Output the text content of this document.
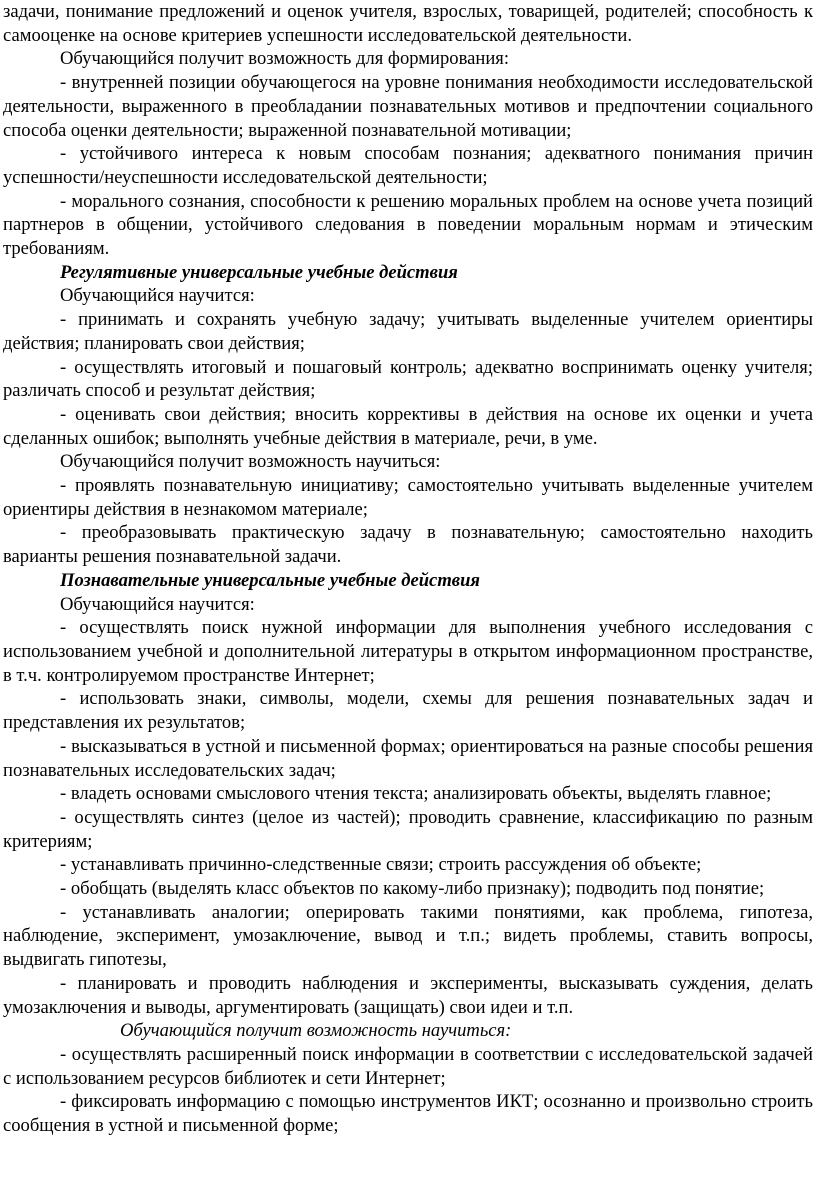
задачи, понимание предложений и оценок учителя, взрослых, товарищей, родителей; способность к самооценке на основе критериев успешности исследовательской деятельности.

Обучающийся получит возможность для формирования:

- внутренней позиции обучающегося на уровне понимания необходимости исследовательской деятельности, выраженного в преобладании познавательных мотивов и предпочтении социального способа оценки деятельности; выраженной познавательной мотивации;

- устойчивого интереса к новым способам познания; адекватного понимания причин успешности/неуспешности исследовательской деятельности;

- морального сознания, способности к решению моральных проблем на основе учета позиций партнеров в общении, устойчивого следования в поведении моральным нормам и этическим требованиям.

Регулятивные универсальные учебные действия

Обучающийся научится:

- принимать и сохранять учебную задачу; учитывать выделенные учителем ориентиры действия; планировать свои действия;

- осуществлять итоговый и пошаговый контроль; адекватно воспринимать оценку учителя; различать способ и результат действия;

- оценивать свои действия; вносить коррективы в действия на основе их оценки и учета сделанных ошибок; выполнять учебные действия в материале, речи, в уме.

Обучающийся получит возможность научиться:

- проявлять познавательную инициативу; самостоятельно учитывать выделенные учителем ориентиры действия в незнакомом материале;

- преобразовывать практическую задачу в познавательную; самостоятельно находить варианты решения познавательной задачи.

Познавательные универсальные учебные действия

Обучающийся научится:

- осуществлять поиск нужной информации для выполнения учебного исследования с использованием учебной и дополнительной литературы в открытом информационном пространстве, в т.ч. контролируемом пространстве Интернет;

- использовать знаки, символы, модели, схемы для решения познавательных задач и представления их результатов;

- высказываться в устной и письменной формах; ориентироваться на разные способы решения познавательных исследовательских задач;

- владеть основами смыслового чтения текста; анализировать объекты, выделять главное;

- осуществлять синтез (целое из частей); проводить сравнение, классификацию по разным критериям;

- устанавливать причинно-следственные связи; строить рассуждения об объекте;

- обобщать (выделять класс объектов по какому-либо признаку); подводить под понятие;

- устанавливать аналогии; оперировать такими понятиями, как проблема, гипотеза, наблюдение, эксперимент, умозаключение, вывод и т.п.; видеть проблемы, ставить вопросы, выдвигать гипотезы,

- планировать и проводить наблюдения и эксперименты, высказывать суждения, делать умозаключения и выводы, аргументировать (защищать) свои идеи и т.п.

Обучающийся получит возможность научиться:

- осуществлять расширенный поиск информации в соответствии с исследовательской задачей с использованием ресурсов библиотек и сети Интернет;

- фиксировать информацию с помощью инструментов ИКТ; осознанно и произвольно строить сообщения в устной и письменной форме;
